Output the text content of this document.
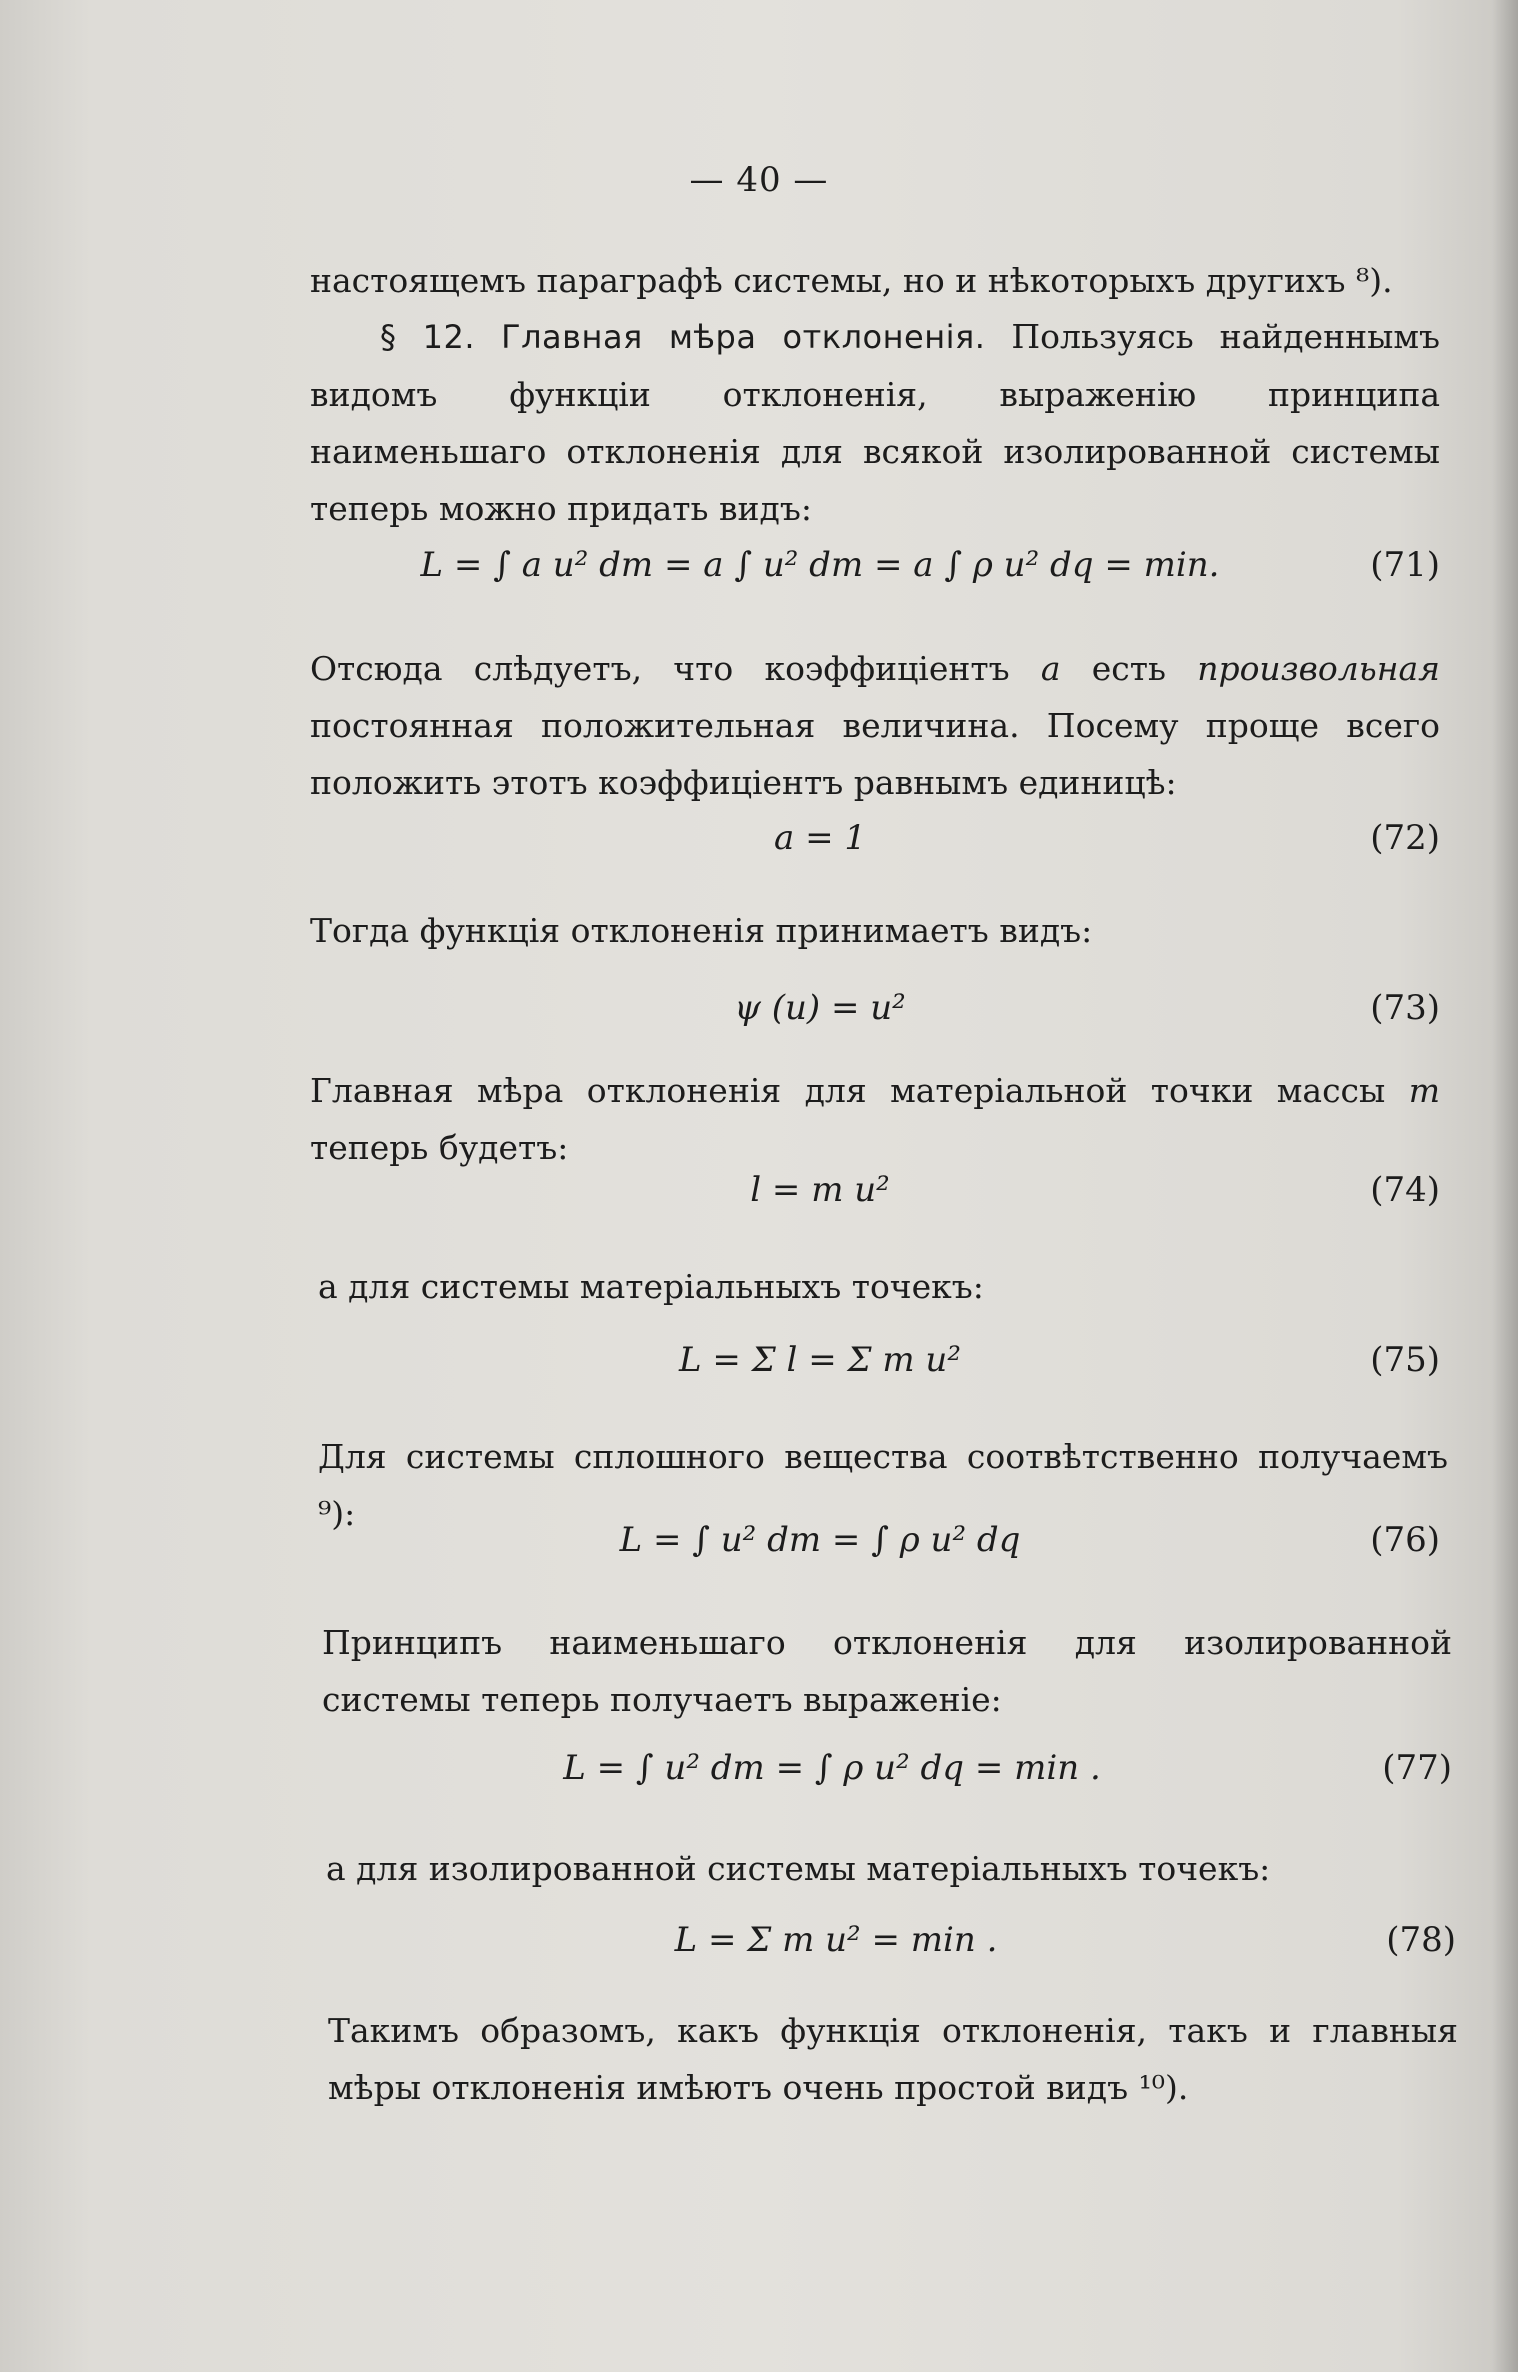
— 40 —
настоящемъ параграфѣ системы, но и нѣкоторыхъ другихъ ⁸).
§ 12. Главная мѣра отклоненія. Пользуясь найденнымъ видомъ функціи отклоненія, выраженію принципа наименьшаго отклоненія для всякой изолированной системы теперь можно придать видъ:
L = ∫ a u² dm = a ∫ u² dm = a ∫ ρ u² dq = min.	(71)
Отсюда слѣдуетъ, что коэффиціентъ a есть произвольная постоянная положительная величина. Посему проще всего положить этотъ коэффиціентъ равнымъ единицѣ:
a = 1	(72)
Тогда функція отклоненія принимаетъ видъ:
ψ (u) = u²	(73)
Главная мѣра отклоненія для матеріальной точки массы m теперь будетъ:
l = m u²	(74)
а для системы матеріальныхъ точекъ:
L = Σ l = Σ m u²	(75)
Для системы сплошного вещества соотвѣтственно получаемъ ⁹):
L = ∫ u² dm = ∫ ρ u² dq	(76)
Принципъ наименьшаго отклоненія для изолированной системы теперь получаетъ выраженіе:
L = ∫ u² dm = ∫ ρ u² dq = min .	(77)
а для изолированной системы матеріальныхъ точекъ:
L = Σ m u² = min .	(78)
Такимъ образомъ, какъ функція отклоненія, такъ и главныя мѣры отклоненія имѣютъ очень простой видъ ¹⁰).
